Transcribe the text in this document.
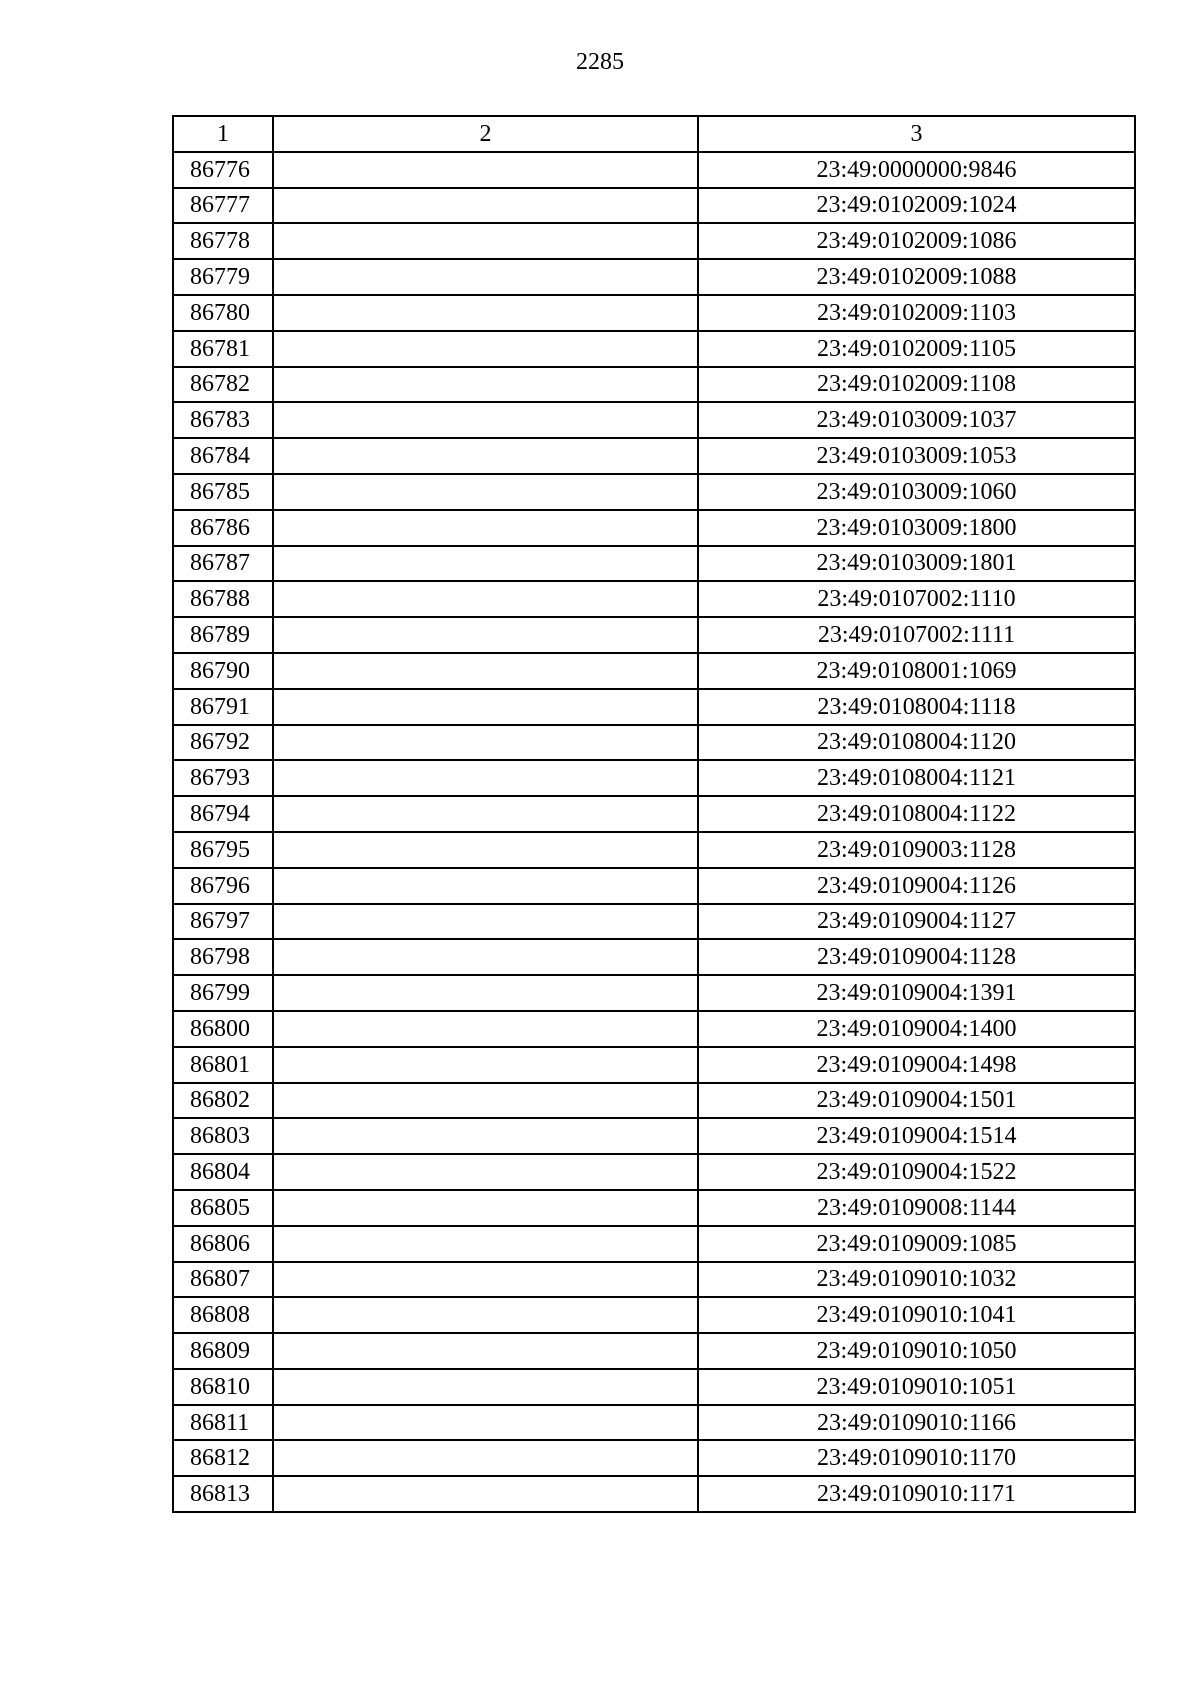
2285
1	2	3
86776		23:49:0000000:9846
86777		23:49:0102009:1024
86778		23:49:0102009:1086
86779		23:49:0102009:1088
86780		23:49:0102009:1103
86781		23:49:0102009:1105
86782		23:49:0102009:1108
86783		23:49:0103009:1037
86784		23:49:0103009:1053
86785		23:49:0103009:1060
86786		23:49:0103009:1800
86787		23:49:0103009:1801
86788		23:49:0107002:1110
86789		23:49:0107002:1111
86790		23:49:0108001:1069
86791		23:49:0108004:1118
86792		23:49:0108004:1120
86793		23:49:0108004:1121
86794		23:49:0108004:1122
86795		23:49:0109003:1128
86796		23:49:0109004:1126
86797		23:49:0109004:1127
86798		23:49:0109004:1128
86799		23:49:0109004:1391
86800		23:49:0109004:1400
86801		23:49:0109004:1498
86802		23:49:0109004:1501
86803		23:49:0109004:1514
86804		23:49:0109004:1522
86805		23:49:0109008:1144
86806		23:49:0109009:1085
86807		23:49:0109010:1032
86808		23:49:0109010:1041
86809		23:49:0109010:1050
86810		23:49:0109010:1051
86811		23:49:0109010:1166
86812		23:49:0109010:1170
86813		23:49:0109010:1171
